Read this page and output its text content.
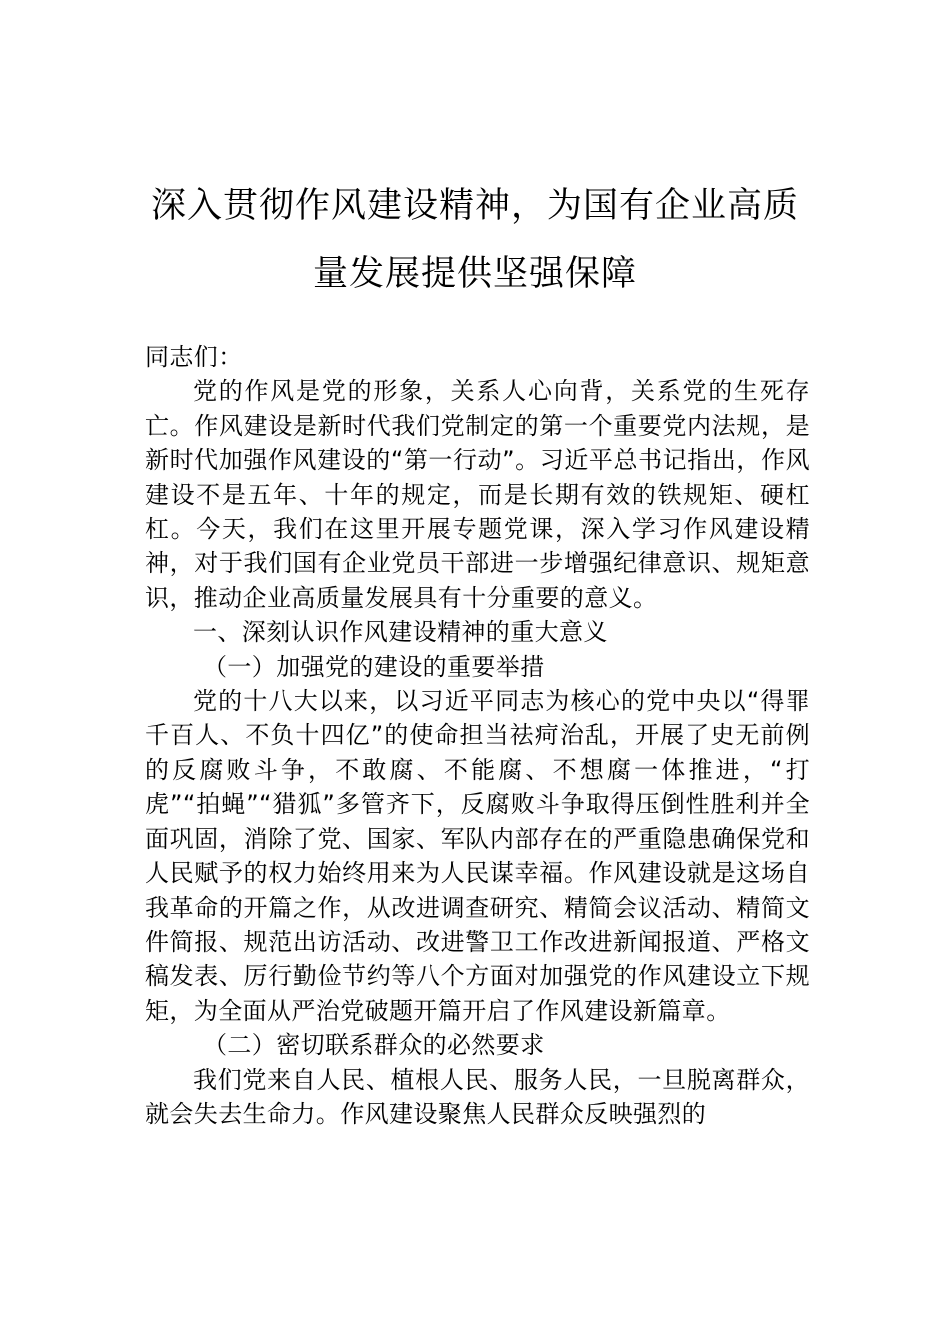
深入贯彻作风建设精神，为国有企业高质
量发展提供坚强保障

同志们：

党的作风是党的形象，关系人心向背，关系党的生死存亡。作风建设是新时代我们党制定的第一个重要党内法规，是新时代加强作风建设的“第一行动”。习近平总书记指出，作风建设不是五年、十年的规定，而是长期有效的铁规矩、硬杠杠。今天，我们在这里开展专题党课，深入学习作风建设精神，对于我们国有企业党员干部进一步增强纪律意识、规矩意识，推动企业高质量发展具有十分重要的意义。

一、深刻认识作风建设精神的重大意义

（一）加强党的建设的重要举措

党的十八大以来，以习近平同志为核心的党中央以“得罪千百人、不负十四亿”的使命担当祛疴治乱，开展了史无前例的反腐败斗争，不敢腐、不能腐、不想腐一体推进，“打虎”“拍蝇”“猎狐”多管齐下，反腐败斗争取得压倒性胜利并全面巩固，消除了党、国家、军队内部存在的严重隐患确保党和人民赋予的权力始终用来为人民谋幸福。作风建设就是这场自我革命的开篇之作，从改进调查研究、精简会议活动、精简文件简报、规范出访活动、改进警卫工作改进新闻报道、严格文稿发表、厉行勤俭节约等八个方面对加强党的作风建设立下规矩，为全面从严治党破题开篇开启了作风建设新篇章。

（二）密切联系群众的必然要求

我们党来自人民、植根人民、服务人民，一旦脱离群众，就会失去生命力。作风建设聚焦人民群众反映强烈的
